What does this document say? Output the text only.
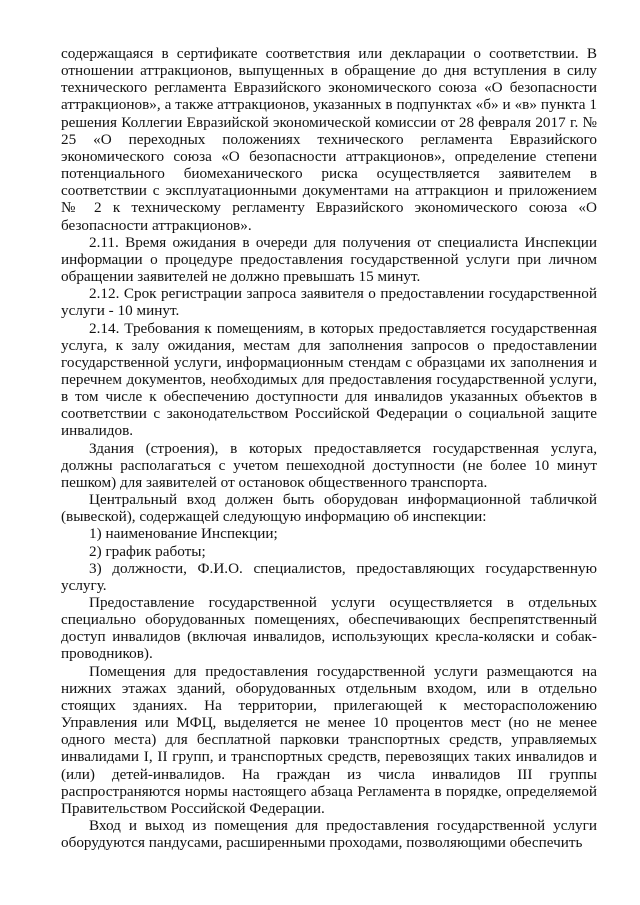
содержащаяся в сертификате соответствия или декларации о соответствии. В отношении аттракционов, выпущенных в обращение до дня вступления в силу технического регламента Евразийского экономического союза «О безопасности аттракционов», а также аттракционов, указанных в подпунктах «б» и «в» пункта 1 решения Коллегии Евразийской экономической комиссии от 28 февраля 2017 г. № 25 «О переходных положениях технического регламента Евразийского экономического союза «О безопасности аттракционов», определение степени потенциального биомеханического риска осуществляется заявителем в соответствии с эксплуатационными документами на аттракцион и приложением № 2 к техническому регламенту Евразийского экономического союза «О безопасности аттракционов».

2.11. Время ожидания в очереди для получения от специалиста Инспекции информации о процедуре предоставления государственной услуги при личном обращении заявителей не должно превышать 15 минут.

2.12. Срок регистрации запроса заявителя о предоставлении государственной услуги - 10 минут.

2.14. Требования к помещениям, в которых предоставляется государственная услуга, к залу ожидания, местам для заполнения запросов о предоставлении государственной услуги, информационным стендам с образцами их заполнения и перечнем документов, необходимых для предоставления государственной услуги, в том числе к обеспечению доступности для инвалидов указанных объектов в соответствии с законодательством Российской Федерации о социальной защите инвалидов.

Здания (строения), в которых предоставляется государственная услуга, должны располагаться с учетом пешеходной доступности (не более 10 минут пешком) для заявителей от остановок общественного транспорта.

Центральный вход должен быть оборудован информационной табличкой (вывеской), содержащей следующую информацию об инспекции:

1) наименование Инспекции;

2) график работы;

3) должности, Ф.И.О. специалистов, предоставляющих государственную услугу.

Предоставление государственной услуги осуществляется в отдельных специально оборудованных помещениях, обеспечивающих беспрепятственный доступ инвалидов (включая инвалидов, использующих кресла-коляски и собак-проводников).

Помещения для предоставления государственной услуги размещаются на нижних этажах зданий, оборудованных отдельным входом, или в отдельно стоящих зданиях. На территории, прилегающей к месторасположению Управления или МФЦ, выделяется не менее 10 процентов мест (но не менее одного места) для бесплатной парковки транспортных средств, управляемых инвалидами I, II групп, и транспортных средств, перевозящих таких инвалидов и (или) детей-инвалидов. На граждан из числа инвалидов III группы распространяются нормы настоящего абзаца Регламента в порядке, определяемой Правительством Российской Федерации.

Вход и выход из помещения для предоставления государственной услуги оборудуются пандусами, расширенными проходами, позволяющими обеспечить
